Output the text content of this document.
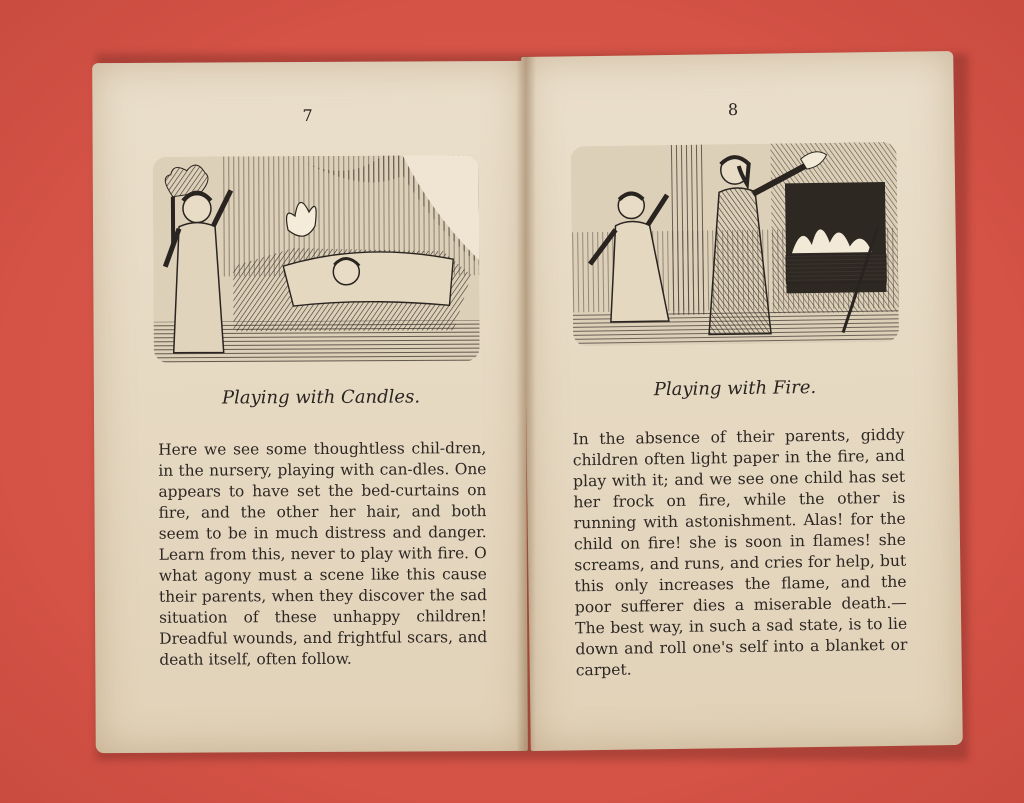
7
Playing with Candles.

Here we see some thoughtless chil-dren, in the nursery, playing with can-dles. One appears to have set the bed-curtains on fire, and the other her hair, and both seem to be in much distress and danger. Learn from this, never to play with fire. O what agony must a scene like this cause their parents, when they discover the sad situation of these unhappy children! Dreadful wounds, and frightful scars, and death itself, often follow.

8
Playing with Fire.

In the absence of their parents, giddy children often light paper in the fire, and play with it; and we see one child has set her frock on fire, while the other is running with astonishment. Alas! for the child on fire! she is soon in flames! she screams, and runs, and cries for help, but this only increases the flame, and the poor sufferer dies a miserable death.—The best way, in such a sad state, is to lie down and roll one's self into a blanket or carpet.
